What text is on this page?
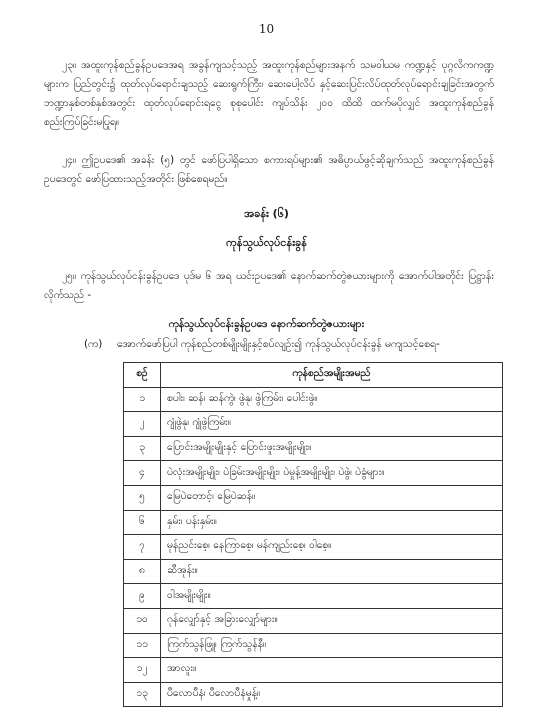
10

၂၃။ အထူးကုန်စည်ခွန်ဥပဒေအရ အခွန်ကျသင့်သည့် အထူးကုန်စည်များအနက် သမဝါယမ ကဏ္ဍနှင့် ပုဂ္ဂလိကကဏ္ဍများက ပြည်တွင်း၌ ထုတ်လုပ်ရောင်းချသည့် ဆေးရွက်ကြီး၊ ဆေးပေါ့လိပ် နှင့်ဆေးပြင်းလိပ်ထုတ်လုပ်ရောင်းချခြင်းအတွက် ဘဏ္ဍာနှစ်တစ်နှစ်အတွင်း ထုတ်လုပ်ရောင်းရငွေ စုစုပေါင်း ကျပ်သိန်း ၂၀၀ ထိထိ ထက်မပိုလျှင် အထူးကုန်စည်ခွန် စည်းကြပ်ခြင်းမပြုရ။

၂၄။ ဤဥပဒေ၏ အခန်း (၅) တွင် ဖော်ပြပါရှိသော စကားရပ်များ၏ အဓိပ္ပာယ်ဖွင့်ဆိုချက်သည် အထူးကုန်စည်ခွန်ဥပဒေတွင် ဖော်ပြထားသည့်အတိုင်း ဖြစ်စေရမည်။

အခန်း (၆)
ကုန်သွယ်လုပ်ငန်းခွန်

၂၅။ ကုန်သွယ်လုပ်ငန်းခွန်ဥပဒေ ပုဒ်မ ၆ အရ ယင်းဥပဒေ၏ နောက်ဆက်တွဲဇယားများကို အောက်ပါအတိုင်း ပြဋ္ဌာန်းလိုက်သည် -

ကုန်သွယ်လုပ်ငန်းခွန်ဥပဒေ နောက်ဆက်တွဲဇယားများ
(က) အောက်ဖော်ပြပါ ကုန်စည်တစ်မျိုးမျိုးနှင့်စပ်လျဉ်း၍ ကုန်သွယ်လုပ်ငန်းခွန် မကျသင့်စေရ-
စဉ်	ကုန်စည်အမျိုးအမည်
၁	စပါး၊ ဆန်၊ ဆန်ကွဲ၊ ဖွဲနု၊ ဖွဲကြမ်း၊ ပေါင်းဖွဲ။
၂	ဂျုံဖွဲနု၊ ဂျုံဖွဲကြမ်း။
၃	ပြောင်းအမျိုးမျိုးနှင့် ပြောင်းဖူးအမျိုးမျိုး။
၄	ပဲလုံးအမျိုးမျိုး၊ ပဲခြမ်းအမျိုးမျိုး၊ ပဲမှုန့်အမျိုးမျိုး၊ ပဲဖွဲ၊ ပဲခွံများ။
၅	မြေပဲတောင့်၊ မြေပဲဆန်။
၆	နှမ်း၊ ပန်းနှမ်း။
၇	မုန်ညင်းစေ့၊ နေကြာစေ့၊ မန်ကျည်းစေ့၊ ဝါစေ့။
၈	ဆီအုန်း။
၉	ဝါအမျိုးမျိုး။
၁၀	ဂုန်လျှော်နှင့် အခြားလျှော်များ။
၁၁	ကြက်သွန်ဖြူ၊ ကြက်သွန်နီ။
၁၂	အာလူး။
၁၃	ပီလောပီနံ၊ ပီလောပီနံမှုန့်။
